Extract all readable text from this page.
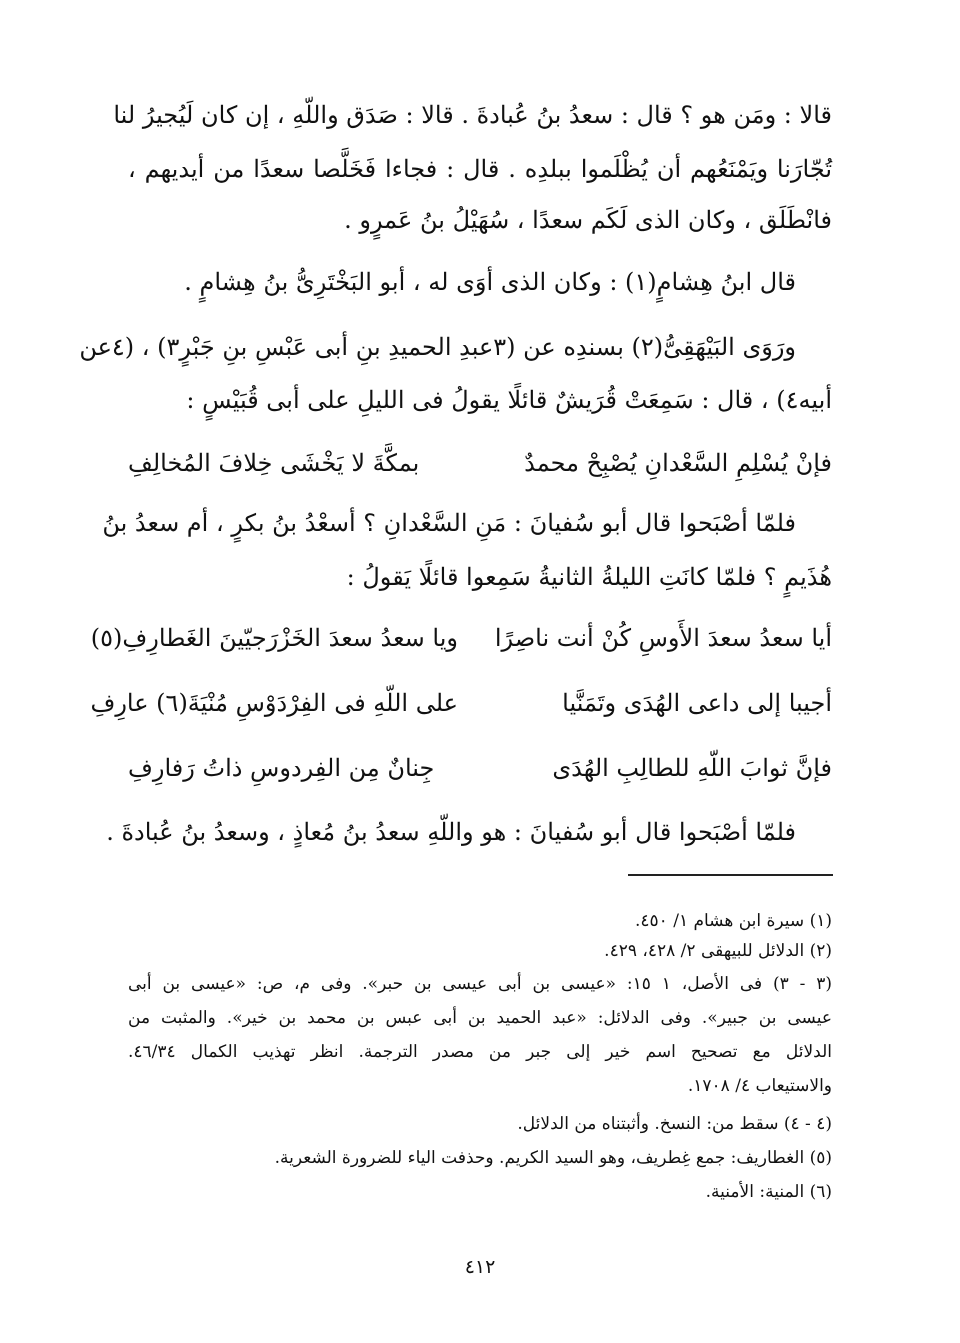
قالا : ومَن هو ؟ قال : سعدُ بنُ عُبادةَ . قالا : صَدَق واللّهِ ، إن كان لَيُجيرُ لنا
تُجّارَنا ويَمْنَعُهم أن يُظْلَموا ببلدِه . قال : فجاءا فَخَلَّصا سعدًا من أيديهم ،
فانْطَلَق ، وكان الذى لَكَم سعدًا ، سُهَيْلُ بنُ عَمرٍو .
قال ابنُ هِشامٍ(١) : وكان الذى أوَى له ، أبو البَخْتَرِىُّ بنُ هِشامٍ .
ورَوَى البَيْهَقِىُّ(٢) بسندِه عن (٣عبدِ الحميدِ بنِ أبى عَبْسِ بنِ جَبْرٍ٣) ، (٤عن
أبيه٤) ، قال : سَمِعَتْ قُرَيشٌ قائلًا يقولُ فى الليلِ على أبى قُبَيْسٍ :
فإنْ يُسْلِمِ السَّعْدانِ يُصْبِحْ محمدٌ
بمكَّةَ لا يَخْشَى خِلافَ المُخالِفِ
فلمّا أصْبَحوا قال أبو سُفيانَ : مَنِ السَّعْدانِ ؟ أسعْدُ بنُ بكرٍ ، أم سعدُ بنُ
هُذَيمٍ ؟ فلمّا كانَتِ الليلةُ الثانيةُ سَمِعوا قائلًا يَقولُ :
أيا سعدُ سعدَ الأَوسِ كُنْ أنت ناصِرًا
ويا سعدُ سعدَ الخَزْرَجيّينَ الغَطارِفِ(٥)
أجيبا إلى داعى الهُدَى وتَمَنَّيا
على اللّهِ فى الفِرْدَوْسِ مُنْيَةَ(٦) عارِفِ
فإنَّ ثوابَ اللّهِ للطالِبِ الهُدَى
جِنانٌ مِن الفِردوسِ ذاتُ رَفارِفِ
فلمّا أصْبَحوا قال أبو سُفيانَ : هو واللّهِ سعدُ بنُ مُعاذٍ ، وسعدُ بنُ عُبادةَ .
(١) سيرة ابن هشام ١/ ٤٥٠.
(٢) الدلائل للبيهقى ٢/ ٤٢٨، ٤٢٩.
(٣ - ٣) فى الأصل، ١ ١٥: «عيسى بن أبى عيسى بن حبر». وفى م، ص: «عيسى بن أبى
عيسى بن جبير». وفى الدلائل: «عبد الحميد بن أبى عبس بن محمد بن خير». والمثبت من
الدلائل مع تصحيح اسم خير إلى جبر من مصدر الترجمة. انظر تهذيب الكمال ٤٦/٣٤.
والاستيعاب ٤/ ١٧٠٨.
(٤ - ٤) سقط من: النسخ. وأثبتناه من الدلائل.
(٥) الغطاريف: جمع غِطريف، وهو السيد الكريم. وحذفت الياء للضرورة الشعرية.
(٦) المنية: الأمنية.
٤١٢
